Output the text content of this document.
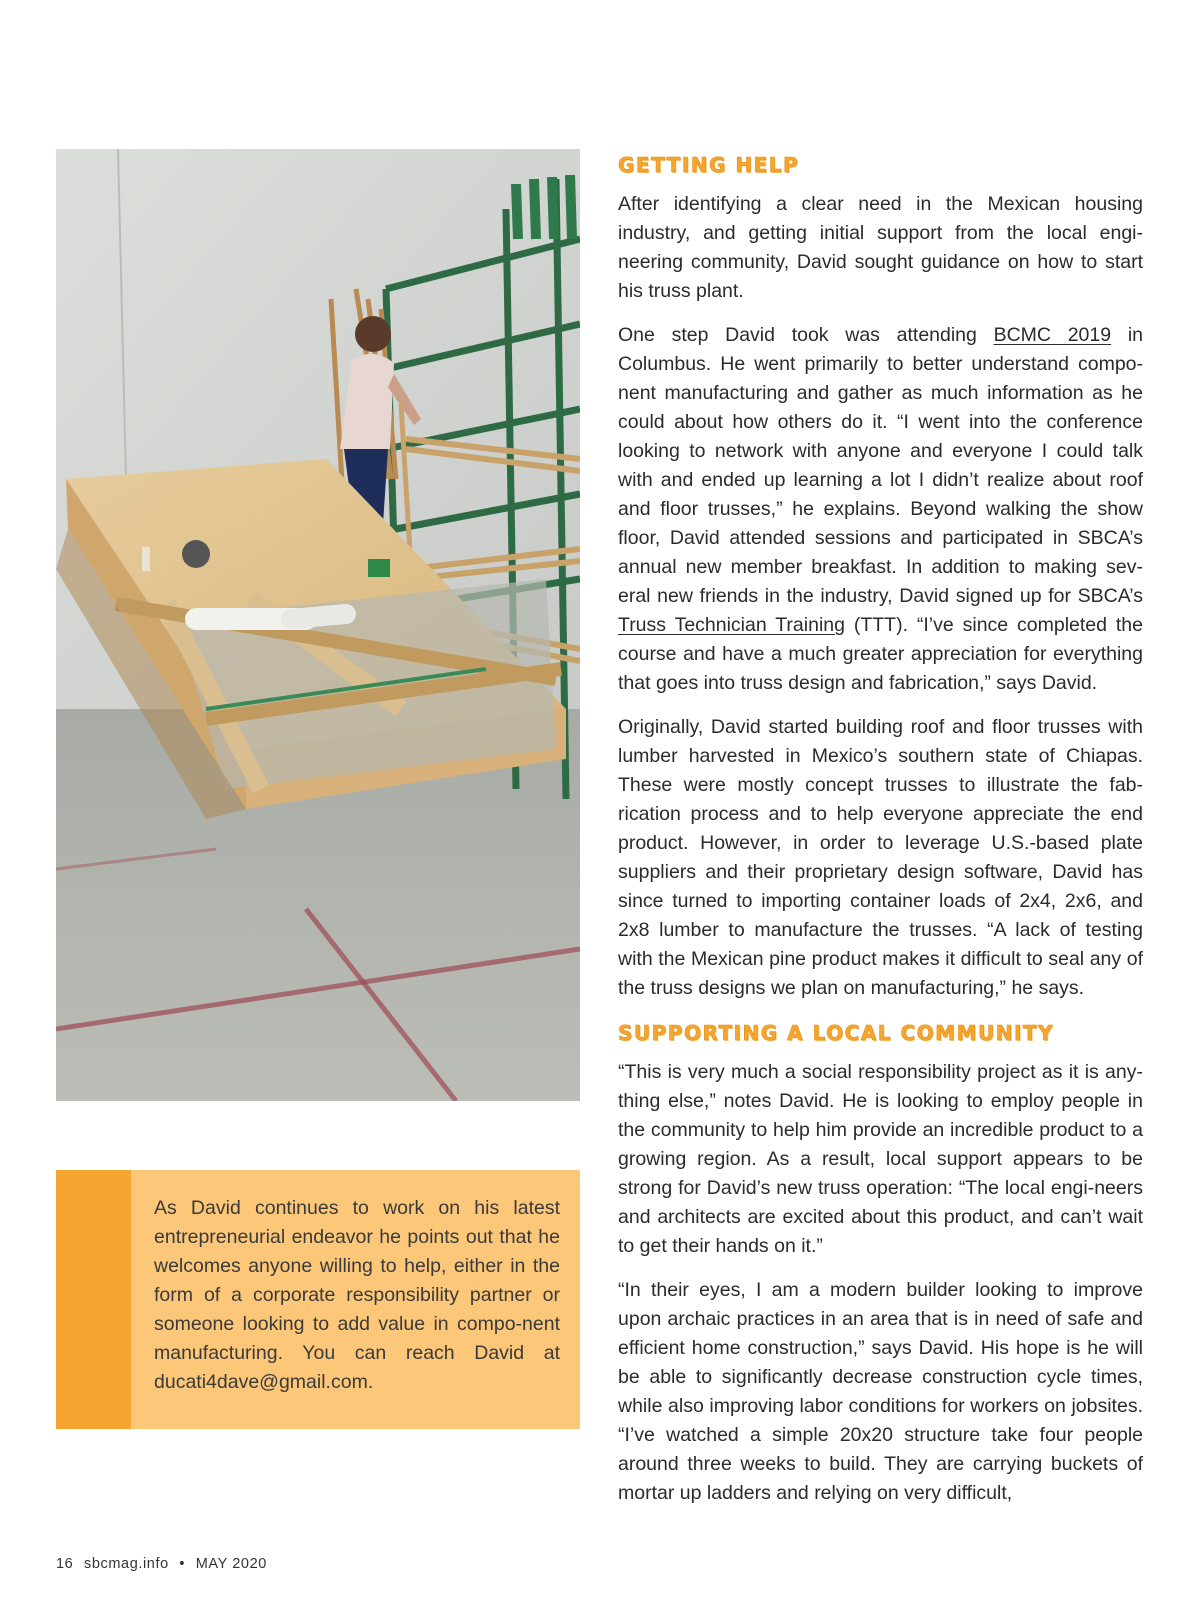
As David continues to work on his latest entrepreneurial endeavor he points out that he welcomes anyone willing to help, either in the form of a corporate responsibility partner or someone looking to add value in compo-nent manufacturing. You can reach David at ducati4dave@gmail.com.

GETTING HELP

After identifying a clear need in the Mexican housing industry, and getting initial support from the local engi-neering community, David sought guidance on how to start his truss plant.

One step David took was attending BCMC 2019 in Columbus. He went primarily to better understand compo-nent manufacturing and gather as much information as he could about how others do it. “I went into the conference looking to network with anyone and everyone I could talk with and ended up learning a lot I didn’t realize about roof and floor trusses,” he explains. Beyond walking the show floor, David attended sessions and participated in SBCA’s annual new member breakfast. In addition to making sev-eral new friends in the industry, David signed up for SBCA’s Truss Technician Training (TTT). “I’ve since completed the course and have a much greater appreciation for everything that goes into truss design and fabrication,” says David.

Originally, David started building roof and floor trusses with lumber harvested in Mexico’s southern state of Chiapas. These were mostly concept trusses to illustrate the fab-rication process and to help everyone appreciate the end product. However, in order to leverage U.S.-based plate suppliers and their proprietary design software, David has since turned to importing container loads of 2x4, 2x6, and 2x8 lumber to manufacture the trusses. “A lack of testing with the Mexican pine product makes it difficult to seal any of the truss designs we plan on manufacturing,” he says.

SUPPORTING A LOCAL COMMUNITY

“This is very much a social responsibility project as it is any-thing else,” notes David. He is looking to employ people in the community to help him provide an incredible product to a growing region. As a result, local support appears to be strong for David’s new truss operation: “The local engi-neers and architects are excited about this product, and can’t wait to get their hands on it.”

“In their eyes, I am a modern builder looking to improve upon archaic practices in an area that is in need of safe and efficient home construction,” says David. His hope is he will be able to significantly decrease construction cycle times, while also improving labor conditions for workers on jobsites. “I’ve watched a simple 20x20 structure take four people around three weeks to build. They are carrying buckets of mortar up ladders and relying on very difficult,

16 sbcmag.info • MAY 2020
